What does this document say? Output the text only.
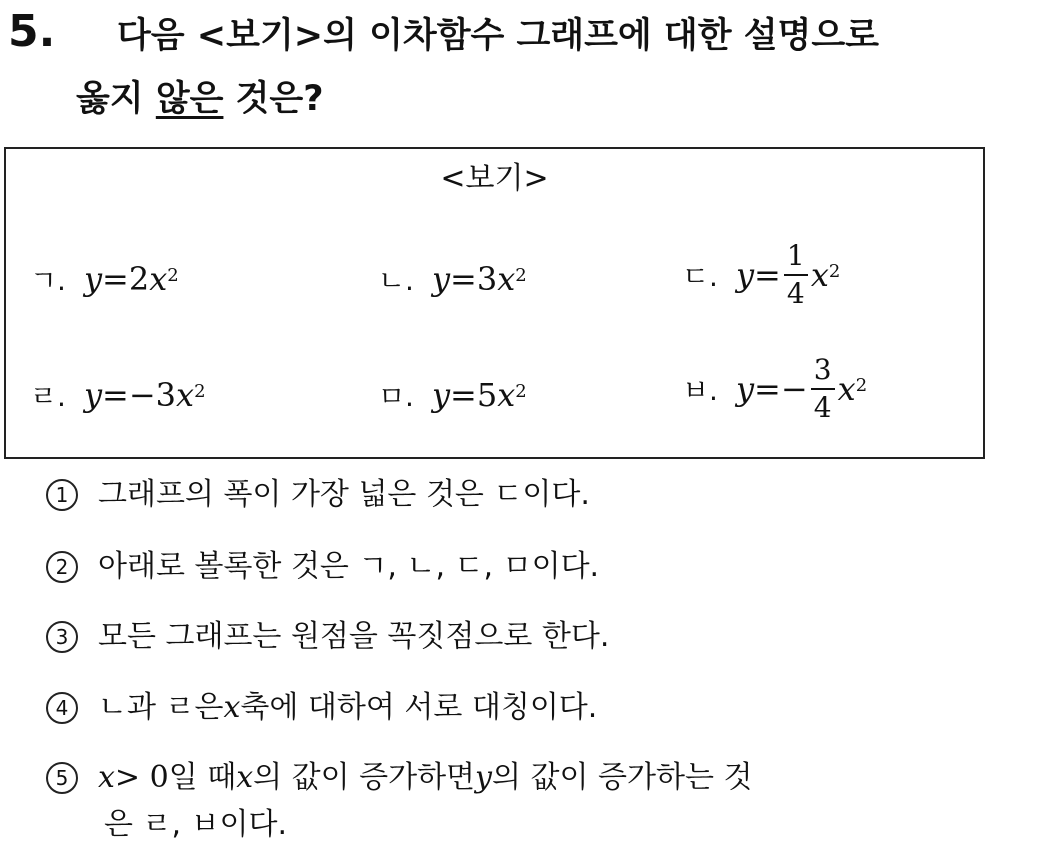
5. 다음 <보기>의 이차함수 그래프에 대한 설명으로
옳지 않은 것은?
<보기>
ㄱ. y = 2 $x^2$	ㄴ. y = 3 $x^2$	ㄷ. $y = \frac{1}{4} x^2$
ㄹ. y =− 3 $x^2$	ㅁ. y = 5 $x^2$	ㅂ. $y =- \frac{3}{4} x^2$
1 그래프의 폭이 가장 넓은 것은 ㄷ이다.
2 아래로 볼록한 것은 ㄱ, ㄴ, ㄷ, ㅁ이다.
3 모든 그래프는 원점을 꼭짓점으로 한다.
4 ㄴ과 ㄹ은 x 축에 대하여 서로 대칭이다.
5 x > 0 일 때 x 의 값이 증가하면 y 의 값이 증가하는 것
은 ㄹ, ㅂ이다.
